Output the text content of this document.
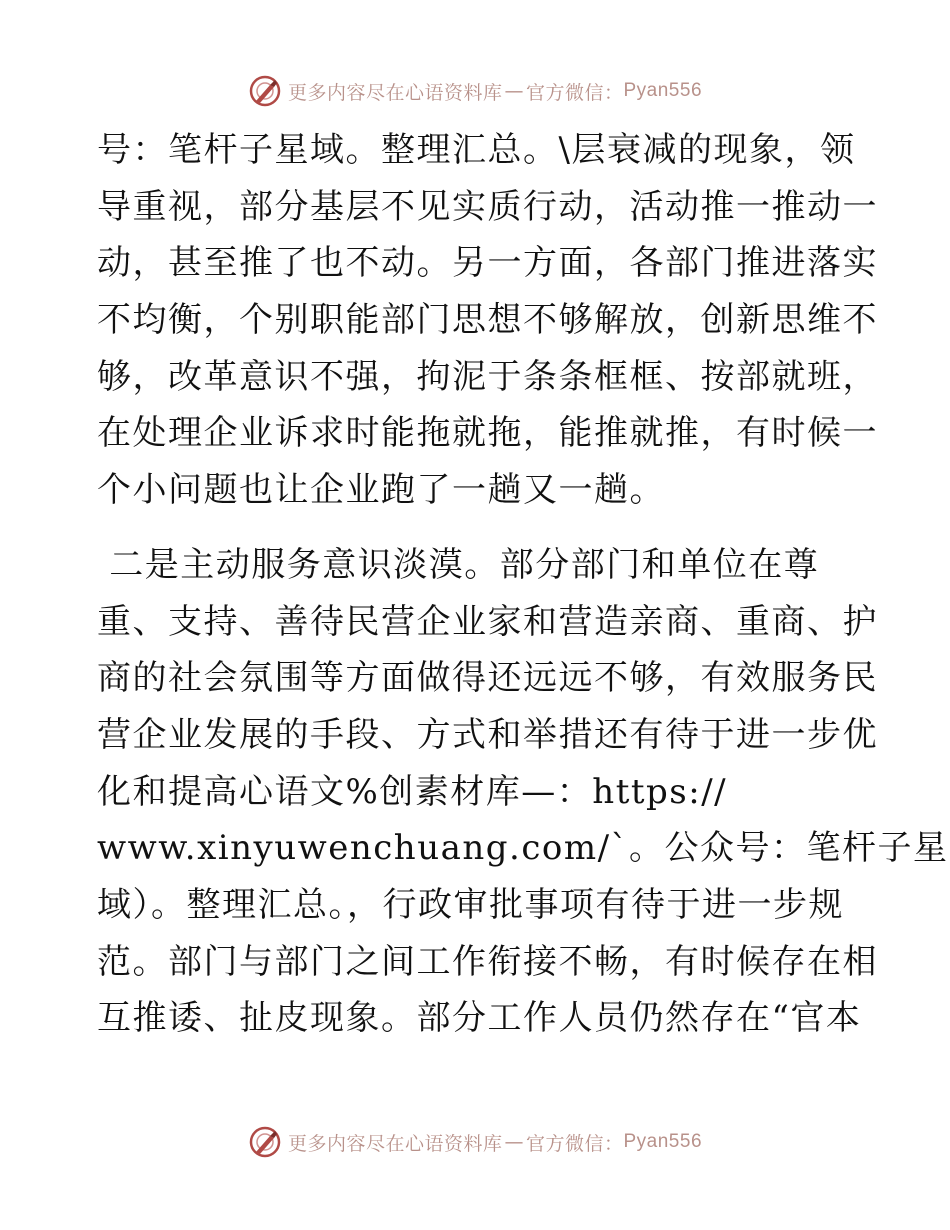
更多内容尽在心语资料库 — 官方微信： Pyan556
号：笔杆子星域。整理汇总。\层衰减的现象，领
导重视，部分基层不见实质行动，活动推一推动一
动，甚至推了也不动。另一方面，各部门推进落实
不均衡，个别职能部门思想不够解放，创新思维不
够，改革意识不强，拘泥于条条框框、按部就班，
在处理企业诉求时能拖就拖，能推就推，有时候一
个小问题也让企业跑了一趟又一趟。
二是主动服务意识淡漠。部分部门和单位在尊
重、支持、善待民营企业家和营造亲商、重商、护
商的社会氛围等方面做得还远远不够，有效服务民
营企业发展的手段、方式和举措还有待于进一步优
化和提高心语文%创素材库—：https://
www.xinyuwenchuang.com/`。公众号：笔杆子星
域）。整理汇总。，行政审批事项有待于进一步规
范。部门与部门之间工作衔接不畅，有时候存在相
互推诿、扯皮现象。部分工作人员仍然存在“官本
更多内容尽在心语资料库 — 官方微信： Pyan556
